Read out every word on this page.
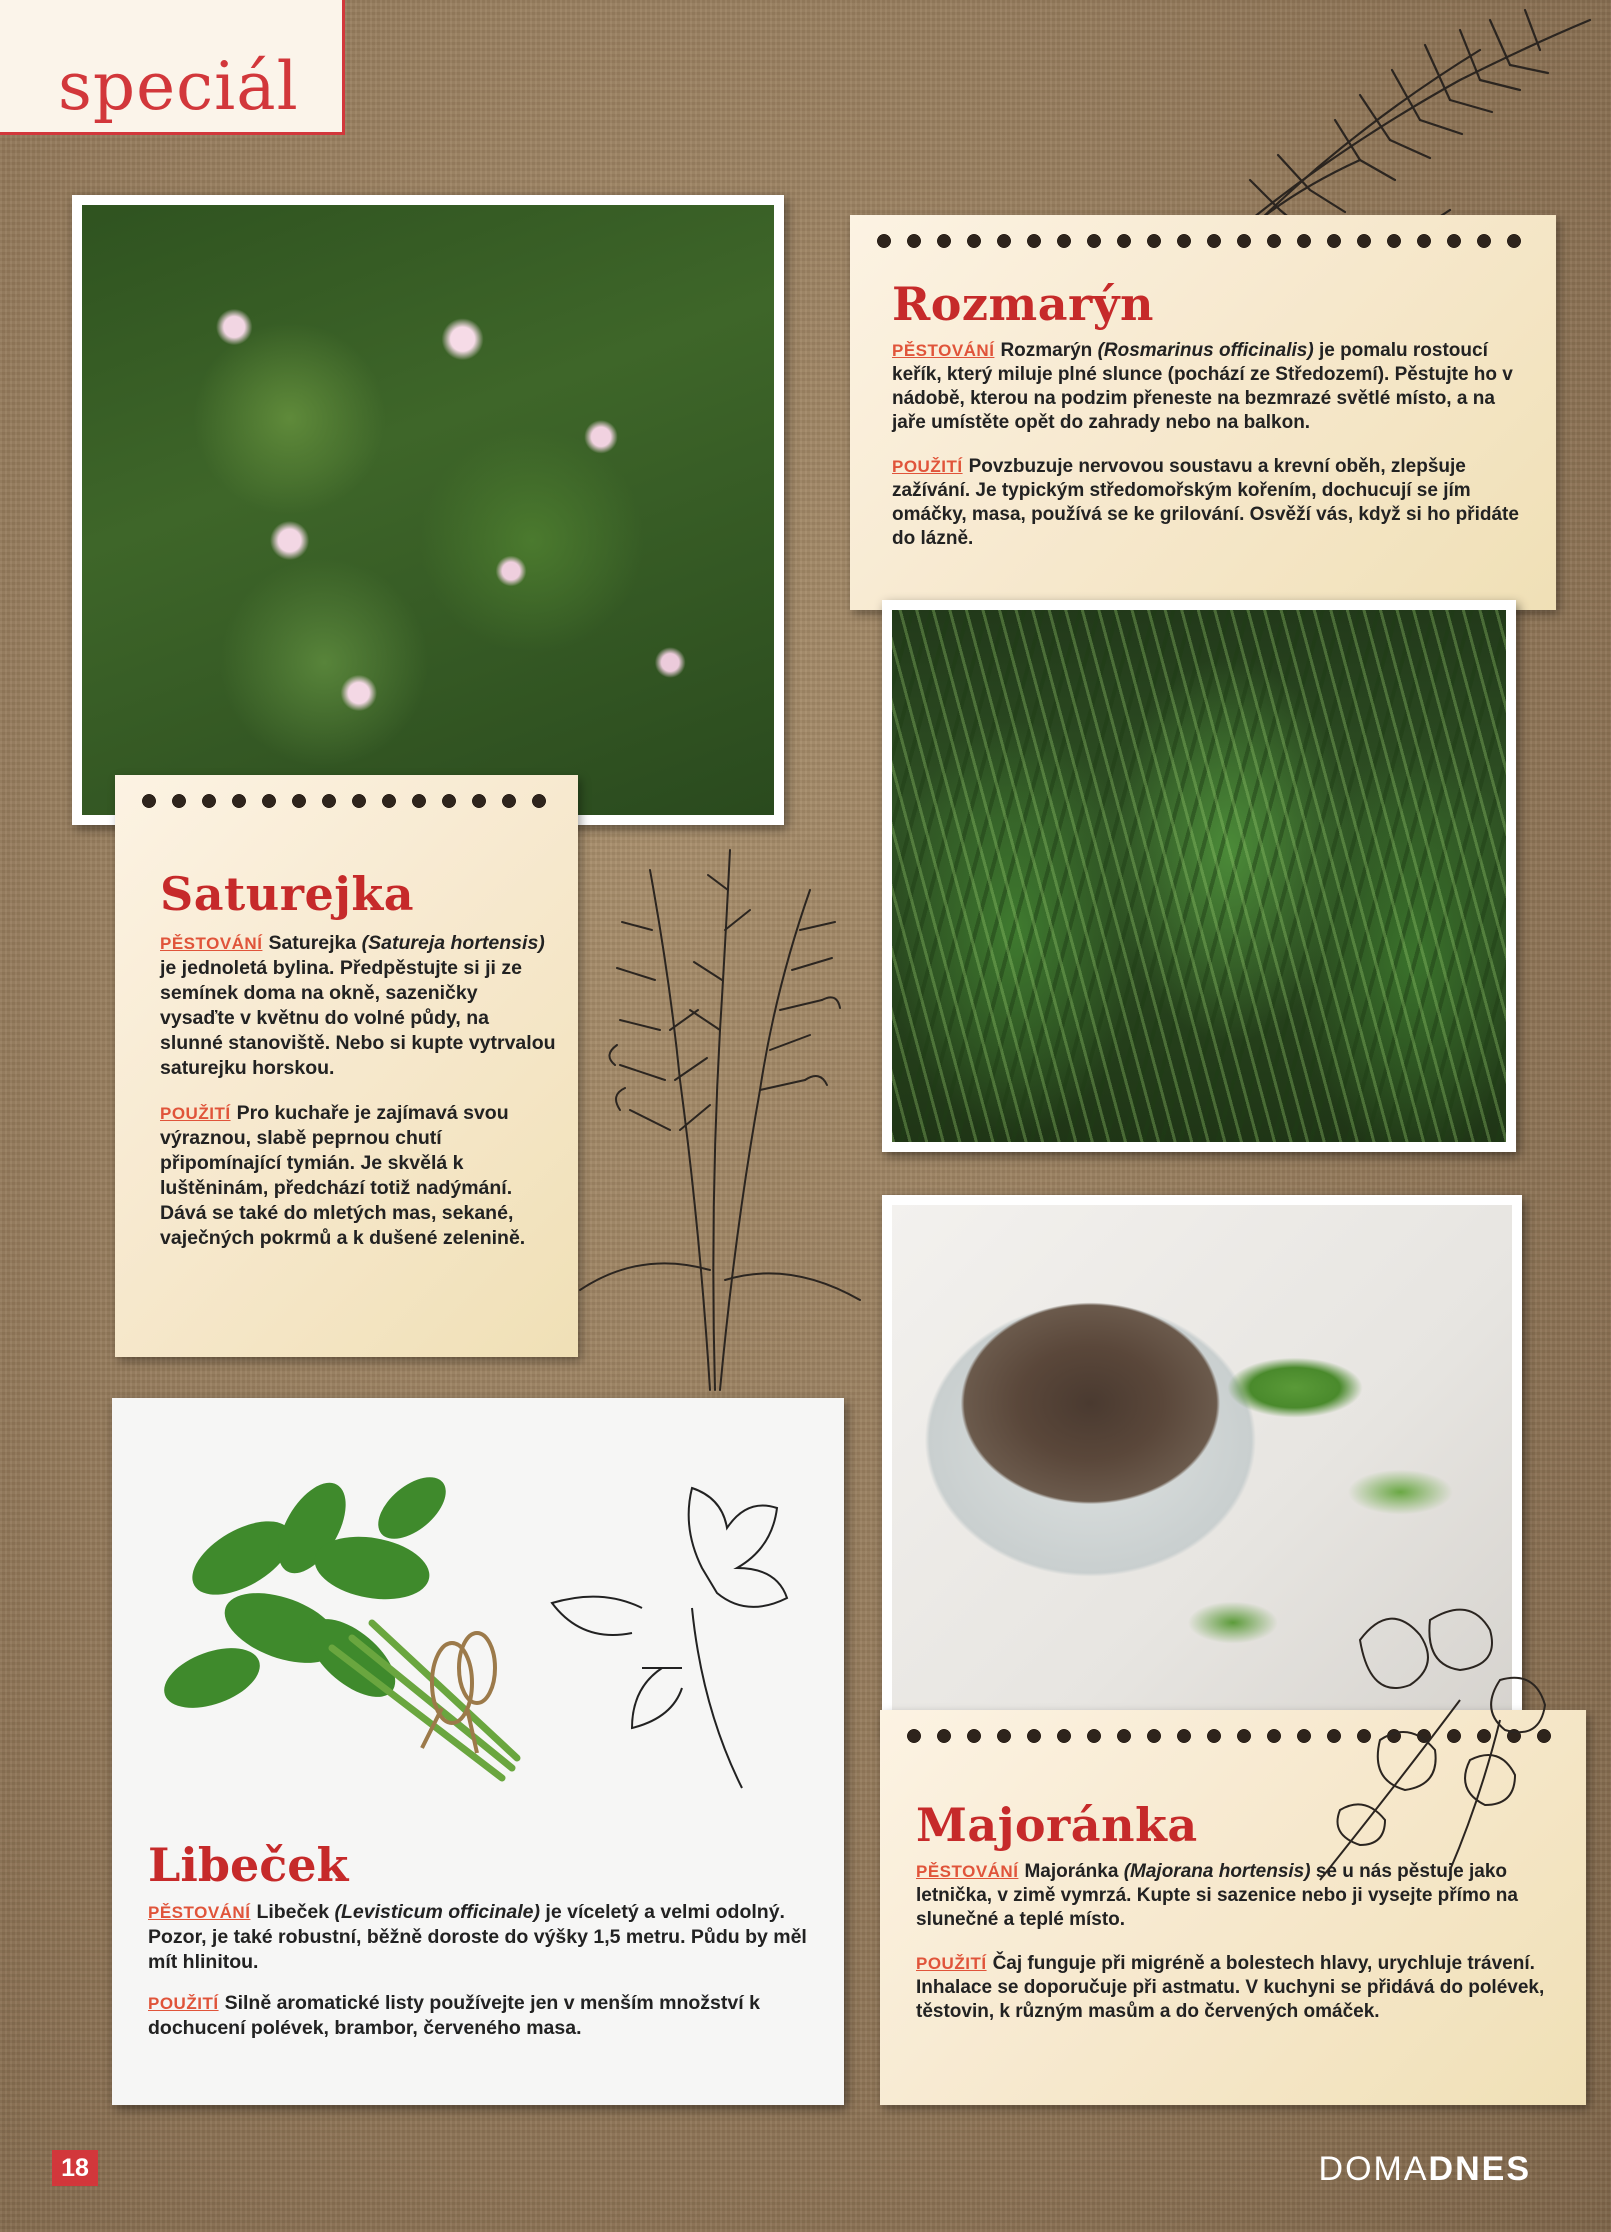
speciál
Rozmarýn

PĚSTOVÁNÍ Rozmarýn (Rosmarinus officinalis) je pomalu rostoucí keřík, který miluje plné slunce (pochází ze Středozemí). Pěstujte ho v nádobě, kterou na podzim přeneste na bezmrazé světlé místo, a na jaře umístěte opět do zahrady nebo na balkon.

POUŽITÍ Povzbuzuje nervovou soustavu a krevní oběh, zlepšuje zažívání. Je typickým středomořským kořením, dochucují se jím omáčky, masa, používá se ke grilování. Osvěží vás, když si ho přidáte do lázně.

Saturejka

PĚSTOVÁNÍ Saturejka (Satureja hortensis) je jednoletá bylina. Předpěstujte si ji ze semínek doma na okně, sazeničky vysaďte v květnu do volné půdy, na slunné stanoviště. Nebo si kupte vytrvalou saturejku horskou.

POUŽITÍ Pro kuchaře je zajímavá svou výraznou, slabě peprnou chutí připomínající tymián. Je skvělá k luštěninám, předchází totiž nadýmání. Dává se také do mletých mas, sekané, vaječných pokrmů a k dušené zelenině.

Libeček

PĚSTOVÁNÍ Libeček (Levisticum officinale) je víceletý a velmi odolný. Pozor, je také robustní, běžně doroste do výšky 1,5 metru. Půdu by měl mít hlinitou.

POUŽITÍ Silně aromatické listy používejte jen v menším množství k dochucení polévek, brambor, červeného masa.

Majoránka

PĚSTOVÁNÍ Majoránka (Majorana hortensis) se u nás pěstuje jako letnička, v zimě vymrzá. Kupte si sazenice nebo ji vysejte přímo na slunečné a teplé místo.

POUŽITÍ Čaj funguje při migréně a bolestech hlavy, urychluje trávení. Inhalace se doporučuje při astmatu. V kuchyni se přidává do polévek, těstovin, k různým masům a do červených omáček.

18	DOMADNES
